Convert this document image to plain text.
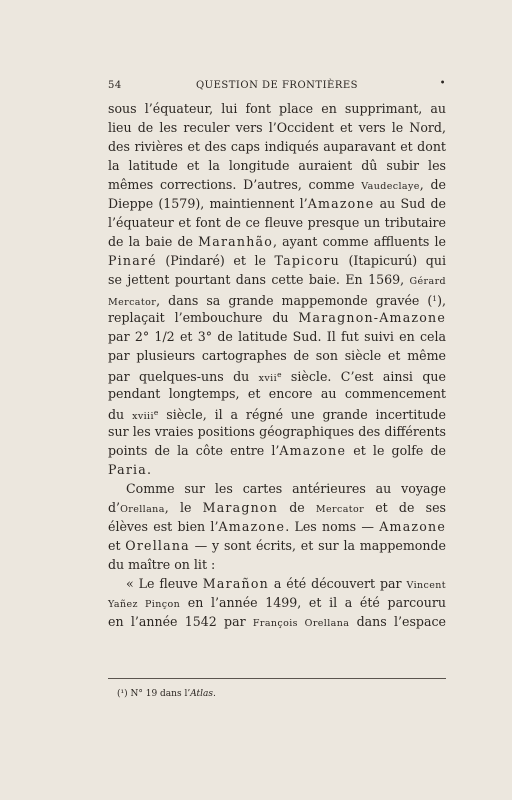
54	QUESTION DE FRONTIÈRES	•
sous l’équateur, lui font place en supprimant, au
lieu de les reculer vers l’Occident et vers le Nord,
des rivières et des caps indiqués auparavant et dont
la latitude et la longitude auraient dû subir les
mêmes corrections. D’autres, comme Vaudeclaye, de
Dieppe (1579), maintiennent l’Amazone au Sud de
l’équateur et font de ce fleuve presque un tributaire
de la baie de Maranhão, ayant comme affluents le
Pinaré (Pindaré) et le Tapicoru (Itapicurú) qui
se jettent pourtant dans cette baie. En 1569, Gérard
Mercator, dans sa grande mappemonde gravée ($^1$),
replaçait l’embouchure du Maragnon-Amazone
par 2° 1/2 et 3° de latitude Sud. Il fut suivi en cela
par plusieurs cartographes de son siècle et même
par quelques-uns du xvii$^e$ siècle. C’est ainsi que
pendant longtemps, et encore au commencement
du xviii$^e$ siècle, il a régné une grande incertitude
sur les vraies positions géographiques des différents
points de la côte entre l’Amazone et le golfe de
Paria.
Comme sur les cartes antérieures au voyage
d’Orellana, le Maragnon de Mercator et de ses
élèves est bien l’Amazone. Les noms — Amazone
et Orellana — y sont écrits, et sur la mappemonde
du maître on lit :
« Le fleuve Marañon a été découvert par Vincent
Yañez Pinçon en l’année 1499, et il a été parcouru
en l’année 1542 par François Orellana dans l’espace
(¹) N° 19 dans l’Atlas.
